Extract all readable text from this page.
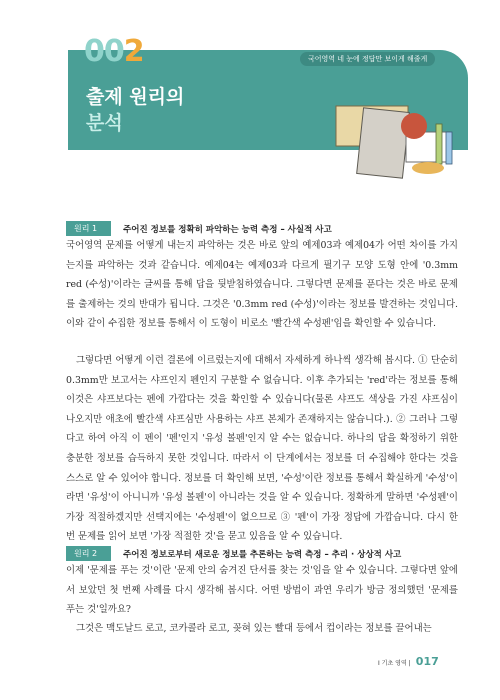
002	국어영역 네 눈에 정답만 보이게 해줄게
출제 원리의
분석
원리 1	주어진 정보를 정확히 파악하는 능력 측정 – 사실적 사고

국어영역 문제를 어떻게 내는지 파악하는 것은 바로 앞의 예제03과 예제04가 어떤 차이를 가지는지를 파악하는 것과 같습니다. 예제04는 예제03과 다르게 필기구 모양 도형 안에 '0.3mm red (수성)'이라는 글씨를 통해 답을 뒷받침하였습니다. 그렇다면 문제를 푼다는 것은 바로 문제를 출제하는 것의 반대가 됩니다. 그것은 '0.3mm red (수성)'이라는 정보를 발견하는 것입니다. 이와 같이 수집한 정보를 통해서 이 도형이 비로소 '빨간색 수성펜'임을 확인할 수 있습니다.

그렇다면 어떻게 이런 결론에 이르렀는지에 대해서 자세하게 하나씩 생각해 봅시다. ① 단순히 0.3mm만 보고서는 샤프인지 펜인지 구분할 수 없습니다. 이후 추가되는 'red'라는 정보를 통해 이것은 샤프보다는 펜에 가깝다는 것을 확인할 수 있습니다(물론 샤프도 색상을 가진 샤프심이 나오지만 애초에 빨간색 샤프심만 사용하는 샤프 본체가 존재하지는 않습니다.). ② 그러나 그렇다고 하여 아직 이 펜이 '펜'인지 '유성 볼펜'인지 알 수는 없습니다. 하나의 답을 확정하기 위한 충분한 정보를 습득하지 못한 것입니다. 따라서 이 단계에서는 정보를 더 수집해야 한다는 것을 스스로 알 수 있어야 합니다. 정보를 더 확인해 보면, '수성'이란 정보를 통해서 확실하게 '수성'이라면 '유성'이 아니니까 '유성 볼펜'이 아니라는 것을 알 수 있습니다. 정확하게 말하면 '수성펜'이 가장 적절하겠지만 선택지에는 '수성펜'이 없으므로 ③ '펜'이 가장 정답에 가깝습니다. 다시 한 번 문제를 읽어 보면 '가장 적절한 것'을 묻고 있음을 알 수 있습니다.

원리 2	주어진 정보로부터 새로운 정보를 추론하는 능력 측정 – 추리 · 상상적 사고

이제 '문제를 푸는 것'이란 '문제 안의 숨겨진 단서를 찾는 것'임을 알 수 있습니다. 그렇다면 앞에서 보았던 첫 번째 사례를 다시 생각해 봅시다. 어떤 방법이 과연 우리가 방금 정의했던 '문제를 푸는 것'일까요?

그것은 맥도날드 로고, 코카콜라 로고, 꽂혀 있는 빨대 등에서 컵이라는 정보를 끌어내는

I 기초 영역 | 017
